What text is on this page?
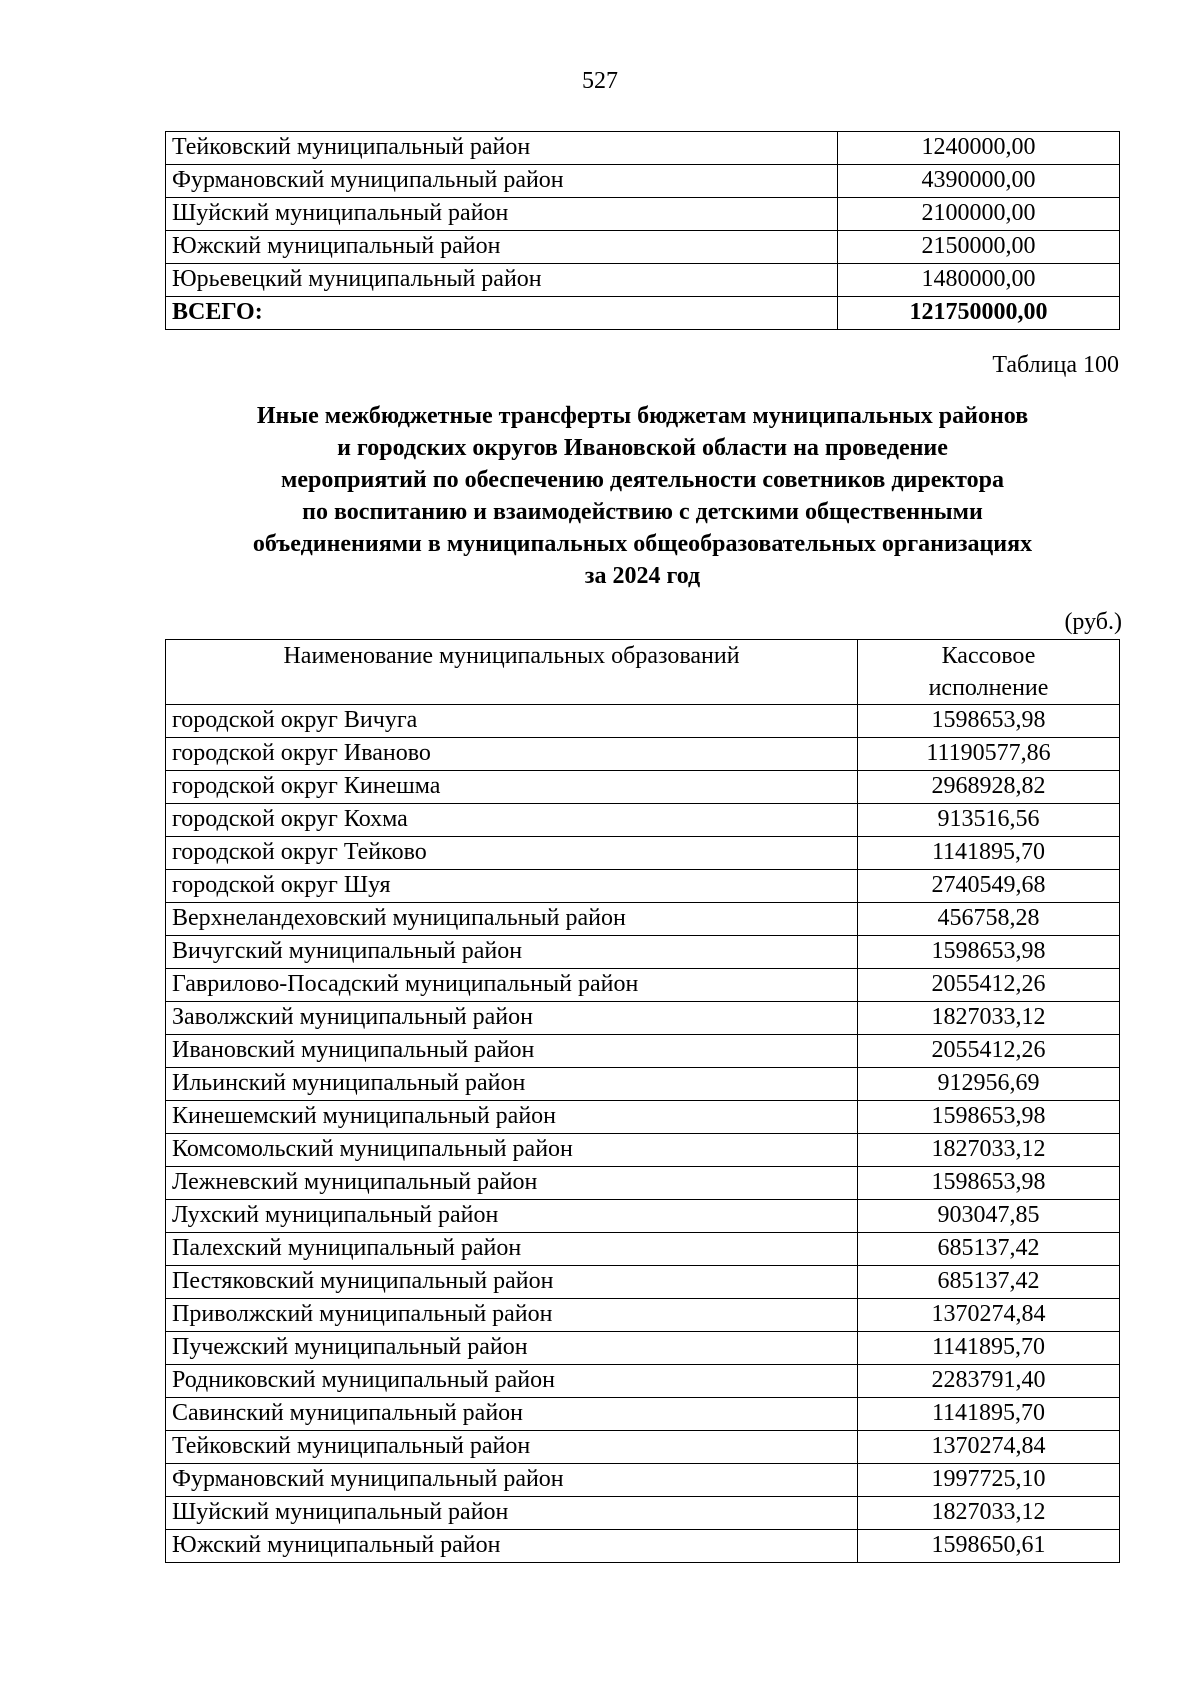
527
Тейковский муниципальный район	1240000,00
Фурмановский муниципальный район	4390000,00
Шуйский муниципальный район	2100000,00
Южский муниципальный район	2150000,00
Юрьевецкий муниципальный район	1480000,00
ВСЕГО:	121750000,00
Таблица 100
Иные межбюджетные трансферты бюджетам муниципальных районов
и городских округов Ивановской области на проведение
мероприятий по обеспечению деятельности советников директора
по воспитанию и взаимодействию с детскими общественными
объединениями в муниципальных общеобразовательных организациях
за 2024 год
(руб.)
Наименование муниципальных образований	Кассовое
исполнение

городской округ Вичуга	1598653,98
городской округ Иваново	11190577,86
городской округ Кинешма	2968928,82
городской округ Кохма	913516,56
городской округ Тейково	1141895,70
городской округ Шуя	2740549,68
Верхнеландеховский муниципальный район	456758,28
Вичугский муниципальный район	1598653,98
Гаврилово-Посадский муниципальный район	2055412,26
Заволжский муниципальный район	1827033,12
Ивановский муниципальный район	2055412,26
Ильинский муниципальный район	912956,69
Кинешемский муниципальный район	1598653,98
Комсомольский муниципальный район	1827033,12
Лежневский муниципальный район	1598653,98
Лухский муниципальный район	903047,85
Палехский муниципальный район	685137,42
Пестяковский муниципальный район	685137,42
Приволжский муниципальный район	1370274,84
Пучежский муниципальный район	1141895,70
Родниковский муниципальный район	2283791,40
Савинский муниципальный район	1141895,70
Тейковский муниципальный район	1370274,84
Фурмановский муниципальный район	1997725,10
Шуйский муниципальный район	1827033,12
Южский муниципальный район	1598650,61
